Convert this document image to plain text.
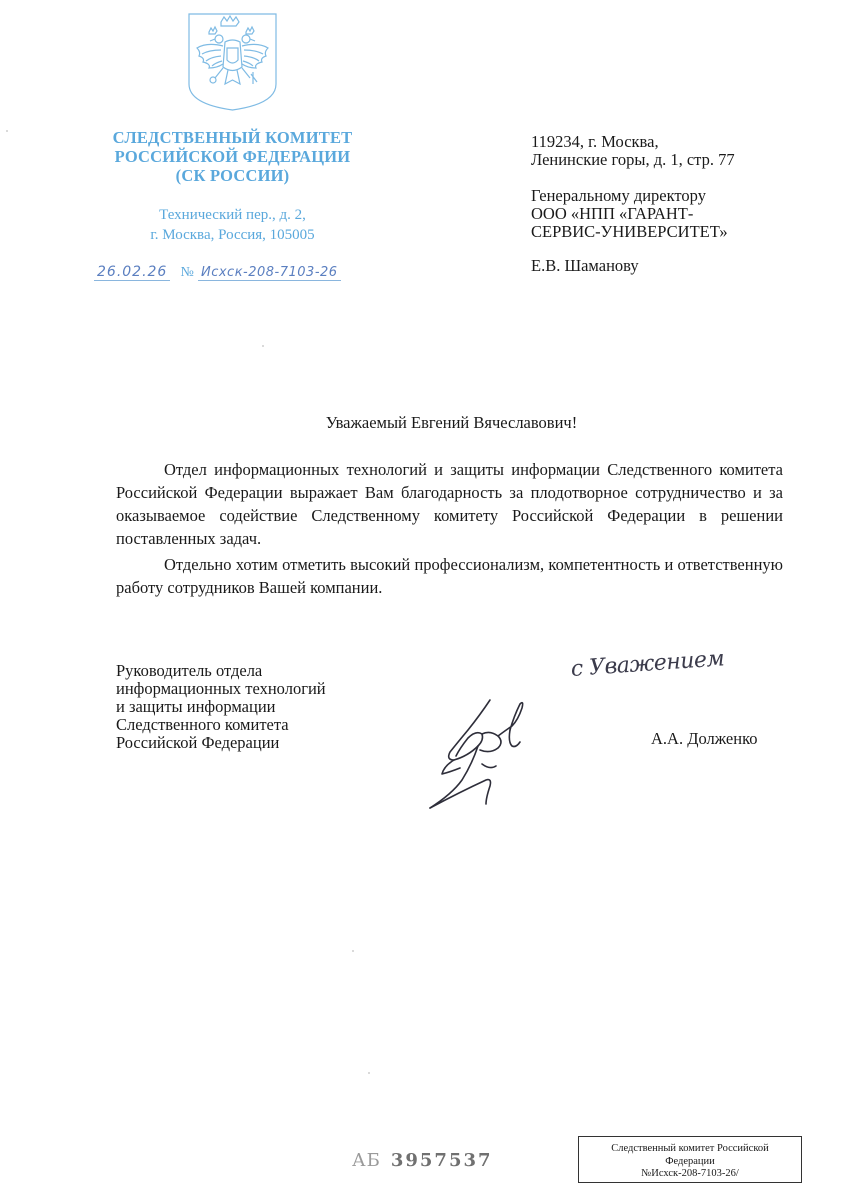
СЛЕДСТВЕННЫЙ КОМИТЕТ
РОССИЙСКОЙ ФЕДЕРАЦИИ
(СК РОССИИ)
Технический пер., д. 2,
г. Москва, Россия, 105005
26.02.26 № Исхск-208-7103-26
119234, г. Москва,
Ленинские горы, д. 1, стр. 77
Генеральному директору
ООО «НПП «ГАРАНТ-
СЕРВИС-УНИВЕРСИТЕТ»
Е.В. Шаманову
Уважаемый Евгений Вячеславович!

Отдел информационных технологий и защиты информации Следственного комитета Российской Федерации выражает Вам благодарность за плодотворное сотрудничество и за оказываемое содействие Следственному комитету Российской Федерации в решении поставленных задач.

Отдельно хотим отметить высокий профессионализм, компетентность и ответственную работу сотрудников Вашей компании.

Руководитель отдела
информационных технологий
и защиты информации
Следственного комитета
Российской Федерации
с Уважением
А.А. Долженко
АБ 3957537
Следственный комитет Российской
Федерации
№Исхск-208-7103-26/
